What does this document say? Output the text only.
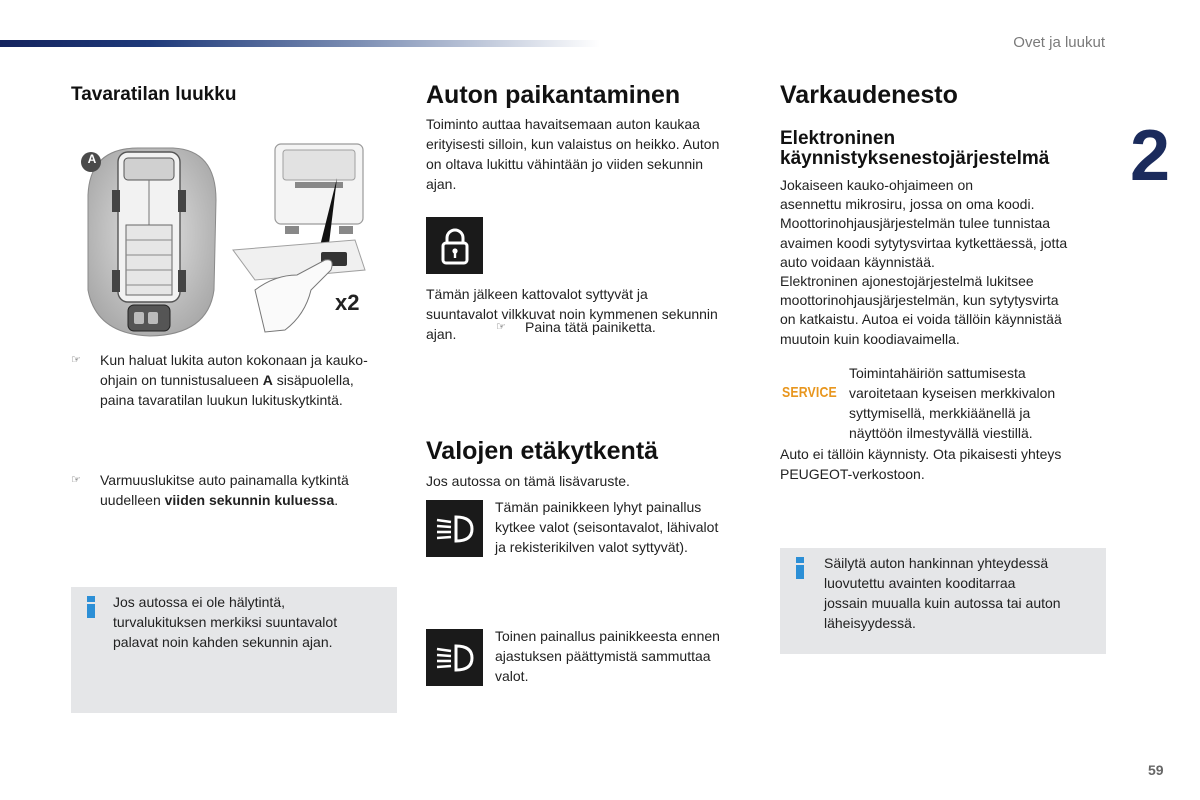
Ovet ja luukut
2
59
Tavaratilan luukku
A
x2
☞ Kun haluat lukita auton kokonaan ja kauko-
ohjain on tunnistusalueen A sisäpuolella,
paina tavaratilan luukun lukituskytkintä.
☞ Varmuuslukitse auto painamalla kytkintä
uudelleen viiden sekunnin kuluessa.
Jos autossa ei ole hälytintä,
turvalukituksen merkiksi suuntavalot
palavat noin kahden sekunnin ajan.
Auton paikantaminen
Toiminto auttaa havaitsemaan auton kaukaa
erityisesti silloin, kun valaistus on heikko. Auton
on oltava lukittu vähintään jo viiden sekunnin
ajan.
☞ Paina tätä painiketta.
Tämän jälkeen kattovalot syttyvät ja
suuntavalot vilkkuvat noin kymmenen sekunnin
ajan.
Valojen etäkytkentä
Jos autossa on tämä lisävaruste.
Tämän painikkeen lyhyt painallus
kytkee valot (seisontavalot, lähivalot
ja rekisterikilven valot syttyvät).
Toinen painallus painikkeesta ennen
ajastuksen päättymistä sammuttaa
valot.
Varkaudenesto
Elektroninen
käynnistyksenestojärjestelmä
Jokaiseen kauko-ohjaimeen on
asennettu mikrosiru, jossa on oma koodi.
Moottorinohjausjärjestelmän tulee tunnistaa
avaimen koodi sytytysvirtaa kytkettäessä, jotta
auto voidaan käynnistää.
Elektroninen ajonestojärjestelmä lukitsee
moottorinohjausjärjestelmän, kun sytytysvirta
on katkaistu. Autoa ei voida tällöin käynnistää
muutoin kuin koodiavaimella.
SERVICE
Toimintahäiriön sattumisesta
varoitetaan kyseisen merkkivalon
syttymisellä, merkkiäänellä ja
näyttöön ilmestyvällä viestillä.
Auto ei tällöin käynnisty. Ota pikaisesti yhteys
PEUGEOT-verkostoon.
Säilytä auton hankinnan yhteydessä
luovutettu avainten kooditarraa
jossain muualla kuin autossa tai auton
läheisyydessä.
